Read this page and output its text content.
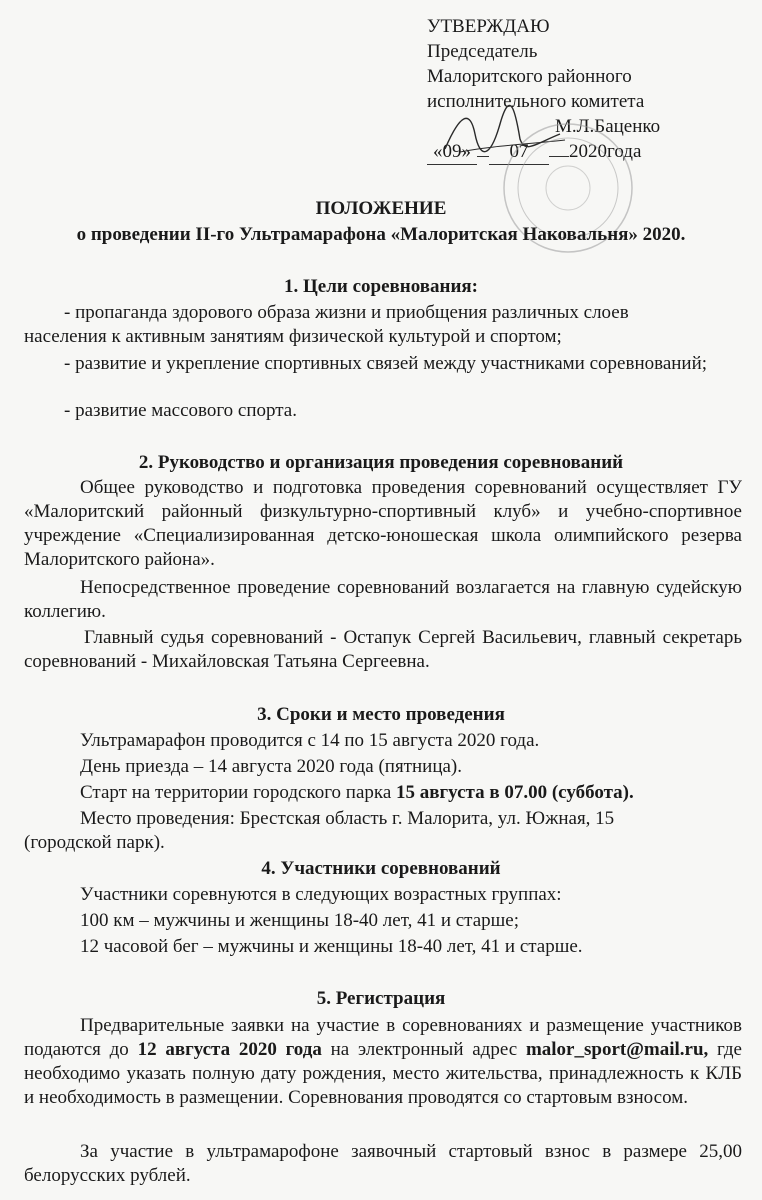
УТВЕРЖДАЮ
Председатель
Малоритского районного
исполнительного комитета
М.Л.Баценко
«09» 07 2020года
ПОЛОЖЕНИЕ
о проведении II-го Ультрамарафона «Малоритская Наковальня» 2020.
1. Цели соревнования:
- пропаганда здорового образа жизни и приобщения различных слоев
населения к активным занятиям физической культурой и спортом;
- развитие и укрепление спортивных связей между участниками соревнований;
- развитие массового спорта.
2. Руководство и организация проведения соревнований
Общее руководство и подготовка проведения соревнований осуществляет ГУ «Малоритский районный физкультурно-спортивный клуб» и учебно-спортивное учреждение «Специализированная детско-юношеская школа олимпийского резерва Малоритского района».
Непосредственное проведение соревнований возлагается на главную судейскую коллегию.
Главный судья соревнований - Остапук Сергей Васильевич, главный секретарь соревнований - Михайловская Татьяна Сергеевна.
3. Сроки и место проведения
Ультрамарафон проводится с 14 по 15 августа 2020 года.
День приезда – 14 августа 2020 года (пятница).
Старт на территории городского парка 15 августа в 07.00 (суббота).
Место проведения: Брестская область г. Малорита, ул. Южная, 15
(городской парк).
4. Участники соревнований
Участники соревнуются в следующих возрастных группах:
100 км – мужчины и женщины 18-40 лет, 41 и старше;
12 часовой бег – мужчины и женщины 18-40 лет, 41 и старше.
5. Регистрация
Предварительные заявки на участие в соревнованиях и размещение участников подаются до 12 августа 2020 года на электронный адрес malor_sport@mail.ru, где необходимо указать полную дату рождения, место жительства, принадлежность к КЛБ и необходимость в размещении. Соревнования проводятся со стартовым взносом.
За участие в ультрамарофоне заявочный стартовый взнос в размере 25,00 белорусских рублей.
